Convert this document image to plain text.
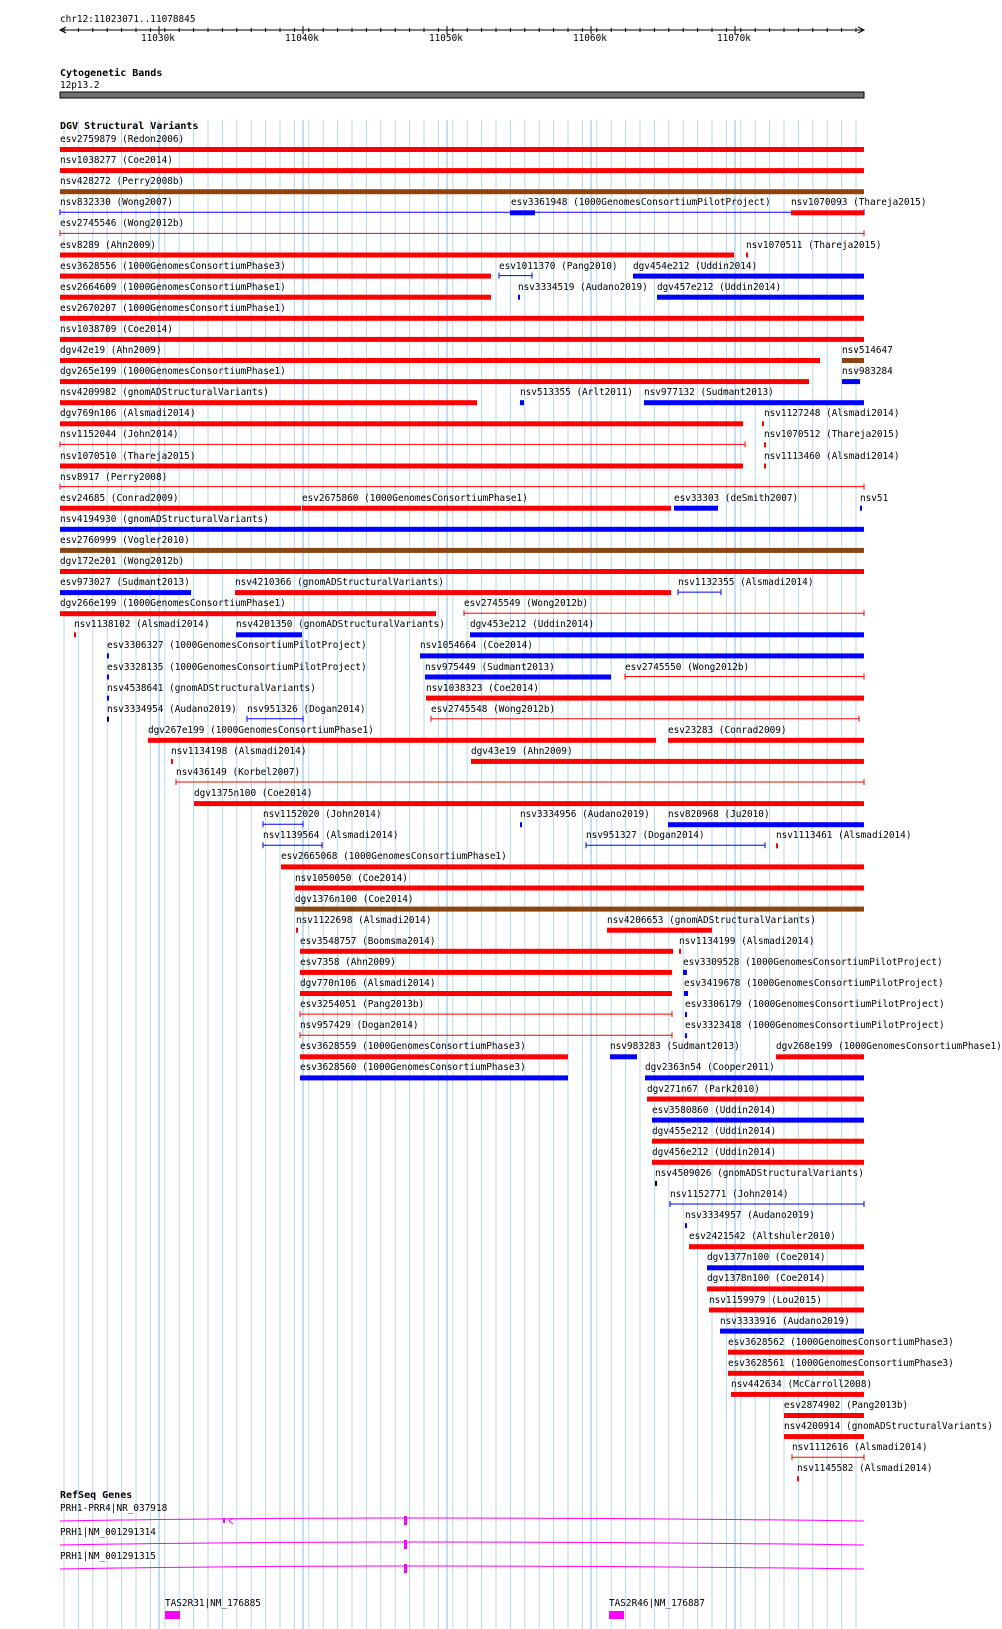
chr12:11023071..11078845
Cytogenetic Bands
12p13.2
DGV Structural Variants
RefSeq Genes
11030k	11040k	11050k	11060k	11070k
esv2759879 (Redon2006)
nsv1038277 (Coe2014)
nsv428272 (Perry2008b)
nsv832330 (Wong2007)	esv3361948 (1000GenomesConsortiumPilotProject) nsv1070093 (Thareja2015)
esv2745546 (Wong2012b)
esv8289 (Ahn2009)	nsv1070511 (Thareja2015)
esv3628556 (1000GenomesConsortiumPhase3)	esv1011370 (Pang2010) dgv454e212 (Uddin2014)
esv2664609 (1000GenomesConsortiumPhase1)	nsv3334519 (Audano2019) dgv457e212 (Uddin2014)
esv2670207 (1000GenomesConsortiumPhase1)
nsv1038709 (Coe2014)
dgv42e19 (Ahn2009)	nsv514647
dgv265e199 (1000GenomesConsortiumPhase1)	nsv983284
nsv4209982 (gnomADStructuralVariants)	nsv513355 (Arlt2011) nsv977132 (Sudmant2013)
dgv769n106 (Alsmadi2014)	nsv1127248 (Alsmadi2014)
nsv1152044 (John2014)	nsv1070512 (Thareja2015)
nsv1070510 (Thareja2015)	nsv1113460 (Alsmadi2014)
nsv8917 (Perry2008)
esv24685 (Conrad2009)	esv2675860 (1000GenomesConsortiumPhase1)	esv33303 (deSmith2007)	nsv51
nsv4194930 (gnomADStructuralVariants)
esv2760999 (Vogler2010)
dgv172e201 (Wong2012b)
esv973027 (Sudmant2013)	nsv4210366 (gnomADStructuralVariants)	nsv1132355 (Alsmadi2014)
dgv266e199 (1000GenomesConsortiumPhase1)	esv2745549 (Wong2012b)
nsv1138102 (Alsmadi2014)	nsv4201350 (gnomADStructuralVariants)	dgv453e212 (Uddin2014)
esv3306327 (1000GenomesConsortiumPilotProject)	nsv1054664 (Coe2014)
esv3328135 (1000GenomesConsortiumPilotProject)	nsv975449 (Sudmant2013)	esv2745550 (Wong2012b)
nsv4538641 (gnomADStructuralVariants)	nsv1038323 (Coe2014)
nsv3334954 (Audano2019) nsv951326 (Dogan2014)	esv2745548 (Wong2012b)
dgv267e199 (1000GenomesConsortiumPhase1)	esv23283 (Conrad2009)
nsv1134198 (Alsmadi2014)	dgv43e19 (Ahn2009)
nsv436149 (Korbel2007)
dgv1375n100 (Coe2014)
nsv1152020 (John2014)	nsv3334956 (Audano2019) nsv820968 (Ju2010)
nsv1139564 (Alsmadi2014)	nsv951327 (Dogan2014)	nsv1113461 (Alsmadi2014)
esv2665068 (1000GenomesConsortiumPhase1)
nsv1050050 (Coe2014)
dgv1376n100 (Coe2014)
nsv1122698 (Alsmadi2014)	nsv4206653 (gnomADStructuralVariants)
esv3548757 (Boomsma2014)	nsv1134199 (Alsmadi2014)
esv7358 (Ahn2009)	esv3309528 (1000GenomesConsortiumPilotProject)
dgv770n106 (Alsmadi2014)	esv3419678 (1000GenomesConsortiumPilotProject)
esv3254051 (Pang2013b)	esv3306179 (1000GenomesConsortiumPilotProject)
nsv957429 (Dogan2014)	esv3323418 (1000GenomesConsortiumPilotProject)
esv3628559 (1000GenomesConsortiumPhase3)	nsv983283 (Sudmant2013)	dgv268e199 (1000GenomesConsortiumPhase1)
esv3628560 (1000GenomesConsortiumPhase3)	dgv2363n54 (Cooper2011)
dgv271n67 (Park2010)
esv3580860 (Uddin2014)
dgv455e212 (Uddin2014)
dgv456e212 (Uddin2014)
nsv4509026 (gnomADStructuralVariants)
nsv1152771 (John2014)
nsv3334957 (Audano2019)
esv2421542 (Altshuler2010)
dgv1377n100 (Coe2014)
dgv1378n100 (Coe2014)
nsv1159979 (Lou2015)
nsv3333916 (Audano2019)
esv3628562 (1000GenomesConsortiumPhase3)
esv3628561 (1000GenomesConsortiumPhase3)
nsv442634 (McCarroll2008)
esv2874902 (Pang2013b)
nsv4200914 (gnomADStructuralVariants)
nsv1112616 (Alsmadi2014)
nsv1145582 (Alsmadi2014)
PRH1-PRR4|NR_037918
PRH1|NM_001291314
PRH1|NM_001291315
TAS2R31|NM_176885	TAS2R46|NM_176887
